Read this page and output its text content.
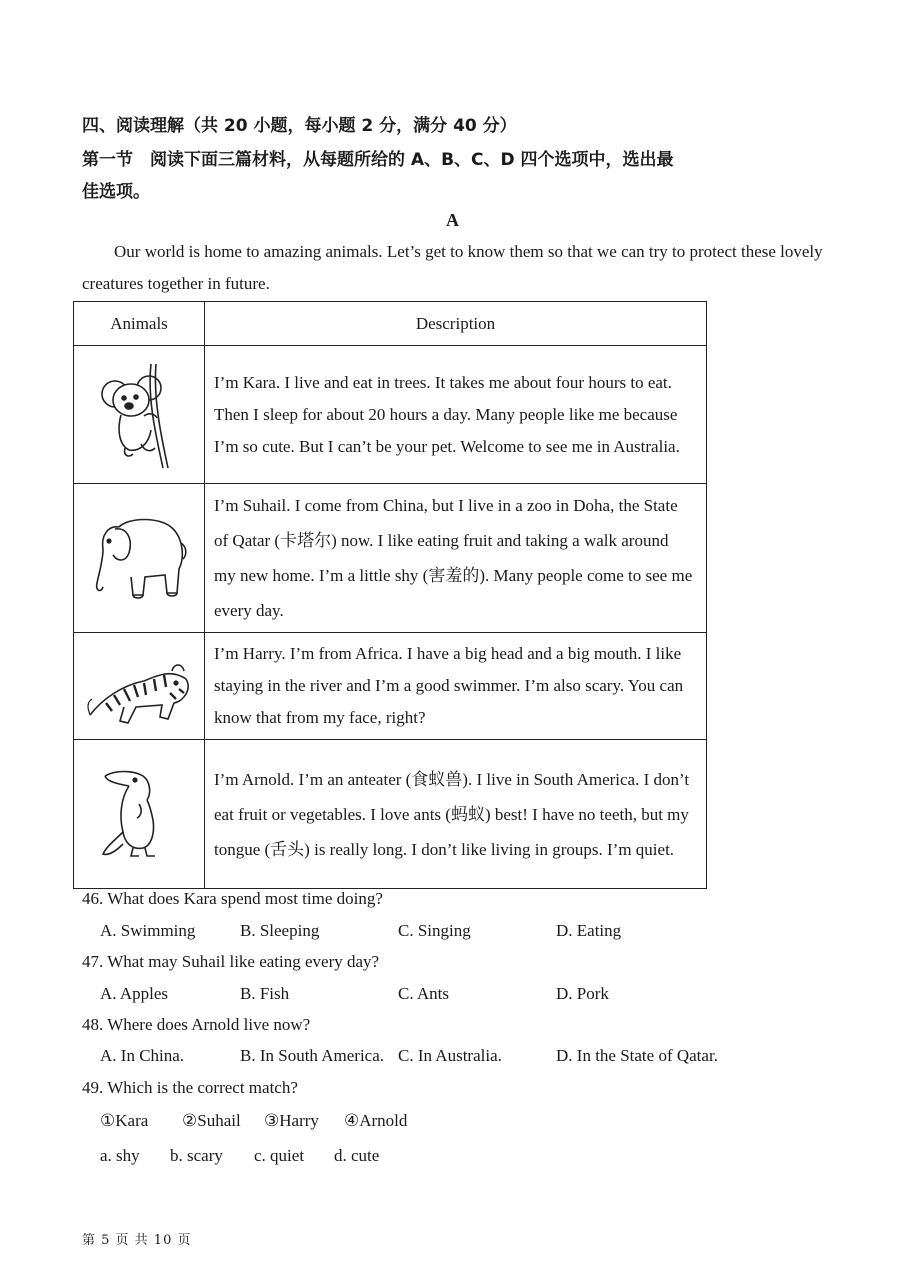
四、阅读理解（共 20 小题，每小题 2 分，满分 40 分）
第一节　阅读下面三篇材料，从每题所给的 A、B、C、D 四个选项中，选出最
佳选项。
A
Our world is home to amazing animals. Let’s get to know them so that we can try to protect these lovely creatures together in future.
Animals	Description

	I’m Kara. I live and eat in trees. It takes me about four hours to eat. Then I sleep for about 20 hours a day. Many people like me because I’m so cute. But I can’t be your pet. Welcome to see me in Australia.

	I’m Suhail. I come from China, but I live in a zoo in Doha, the State of Qatar (卡塔尔) now. I like eating fruit and taking a walk around my new home. I’m a little shy (害羞的). Many people come to see me every day.

	I’m Harry. I’m from Africa. I have a big head and a big mouth. I like staying in the river and I’m a good swimmer. I’m also scary. You can know that from my face, right?

	I’m Arnold. I’m an anteater (食蚁兽). I live in South America. I don’t eat fruit or vegetables. I love ants (蚂蚁) best! I have no teeth, but my tongue (舌头) is really long. I don’t like living in groups. I’m quiet.
46. What does Kara spend most time doing?
A. Swimming	B. Sleeping	C. Singing	D. Eating
47. What may Suhail like eating every day?
A. Apples	B. Fish	C. Ants	D. Pork
48. Where does Arnold live now?
A. In China.	B. In South America. C. In Australia.	D. In the State of Qatar.
49. Which is the correct match?
①Kara ②Suhail ③Harry ④Arnold
a. shy b. scary c. quiet d. cute
第 5 页 共 10 页
